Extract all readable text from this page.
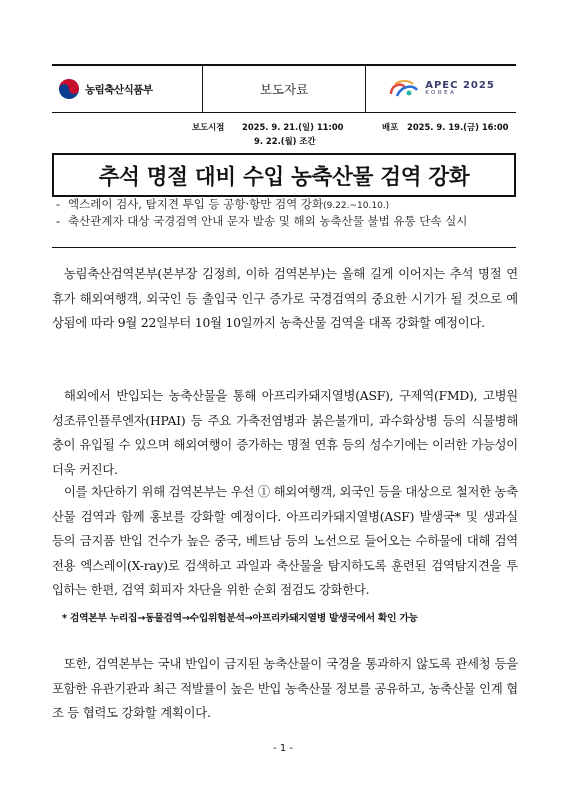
농림축산식품부	보도자료	APEC 2025
KOREA
보도시점 2025. 9. 21.(일) 11:00
9. 22.(월) 조간
배포 2025. 9. 19.(금) 16:00
추석 명절 대비 수입 농축산물 검역 강화
- 엑스레이 검사, 탐지견 투입 등 공항·항만 검역 강화(9.22.~10.10.)
- 축산관계자 대상 국경검역 안내 문자 발송 및 해외 농축산물 불법 유통 단속 실시

농림축산검역본부(본부장 김정희, 이하 검역본부)는 올해 길게 이어지는 추석 명절 연휴가 해외여행객, 외국인 등 출입국 인구 증가로 국경검역의 중요한 시기가 될 것으로 예상됨에 따라 9월 22일부터 10월 10일까지 농축산물 검역을 대폭 강화할 예정이다.

해외에서 반입되는 농축산물을 통해 아프리카돼지열병(ASF), 구제역(FMD), 고병원성조류인플루엔자(HPAI) 등 주요 가축전염병과 붉은불개미, 과수화상병 등의 식물병해충이 유입될 수 있으며 해외여행이 증가하는 명절 연휴 등의 성수기에는 이러한 가능성이 더욱 커진다.

이를 차단하기 위해 검역본부는 우선 ① 해외여행객, 외국인 등을 대상으로 철저한 농축산물 검역과 함께 홍보를 강화할 예정이다. 아프리카돼지열병(ASF) 발생국* 및 생과실 등의 금지품 반입 건수가 높은 중국, 베트남 등의 노선으로 들어오는 수하물에 대해 검역 전용 엑스레이(X-ray)로 검색하고 과일과 축산물을 탐지하도록 훈련된 검역탐지견을 투입하는 한편, 검역 회피자 차단을 위한 순회 점검도 강화한다.

* 검역본부 누리집→동물검역→수입위험분석→아프리카돼지열병 발생국에서 확인 가능

또한, 검역본부는 국내 반입이 금지된 농축산물이 국경을 통과하지 않도록 관세청 등을 포함한 유관기관과 최근 적발률이 높은 반입 농축산물 정보를 공유하고, 농축산물 인계 협조 등 협력도 강화할 계획이다.

- 1 -
